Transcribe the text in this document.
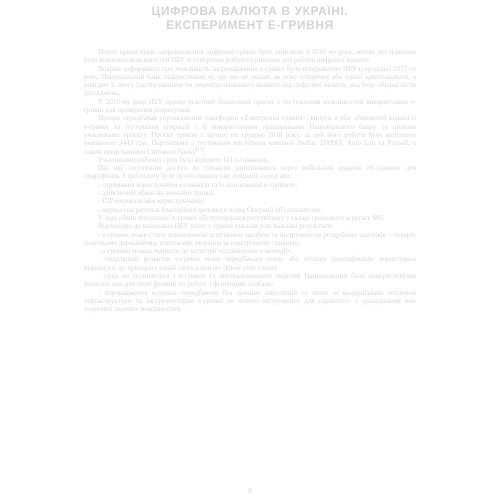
ЦИФРОВА ВАЛЮТА В УКРАЇНІ.
ЕКСПЕРИМЕНТ Е-ГРИВНЯ

Перші кроки щодо запровадження цифрової гривні було здійснено в 2016 му році, метою дослідження було вивчення можливостей НБУ зі створення робочого рішення для роботи цифрової валюти.

Вперше інформацію про можливість запровадження е-гривні було повідомлено НБУ (середина) 2017-го року. Національний банк підкреслював те, що він не сказав, як нову історичну або однієї криптовалюти, а швидше її змогу (застосуванням чи децентралізованих) являють від цифрової валюти, яка буде обрана після досліджень.

У 2018-му році НБУ провів пілотний бізнесовий проєкт з тестуванням можливостей використання е-гривні для проведення розрахунків.

Процес передбачав упровадження платформи «Електронна гривня», випуск в обіг обмеженої кількості е-гривні та тестування операцій з її використанням працівниками Національного банку та іншими учасниками проєкту. Проєкт тривав з лютого по грудень 2018 року, за цей його роботи було випущено еквівалент 3443 грн. Партнерами з тестування виступили компанії Stellar, DAPAY, Auto Lab та Paysell, а також представники Світового банку[19].

Учасниками робочих груп було відкрито 121 е-гаманець.

Ще має тестування доступ до гаманців здійснювався через мобільний додаток «Е-гривня» для смартфонів. З цієї пілоту було протестовано такі операції, серед них:

- отримання користувачем е-гаманця та їх поповнення е-гривнею;

- здійснений обмін на звичайні гривні;

- P2P-перекази між користувачами;

- переказ на рахунок благодійної допомоги всіма Операції об'єднання них.

У ході обмін випущеної е-гривні обслуговувався регуляторну у складі грошового агрегату М0.

Відповідно до висновків НБУ, пілот е-гривні показав усю важливі результати:

- е-гривня може стати повноцінною платіжною засобом та інструментом роздрібних платежів – товари, платежами державними, платежами зверхнім за електронною гривнею;

- е-гривню можна віднести до категорії «підвищення взаємодії»;

- подальший розвиток е-гривні може передбачати появу або чіткішу ідентифікацію користувача відповідно до принципу «знай свого клієнта» (know your client);

- уряд не зупиняється і е-гривня та централізованого моделей Національний банк використовував технічно має для своєї функції по роботі з фізичними особами;

- впровадження е-гривні передбачене без значних інвестицій та лише за модернізацію технічної інфраструктури та інструментарію е-гривні як нового інструменту для сервісного з урахуванням вже існуючих значних можливостей.

8
